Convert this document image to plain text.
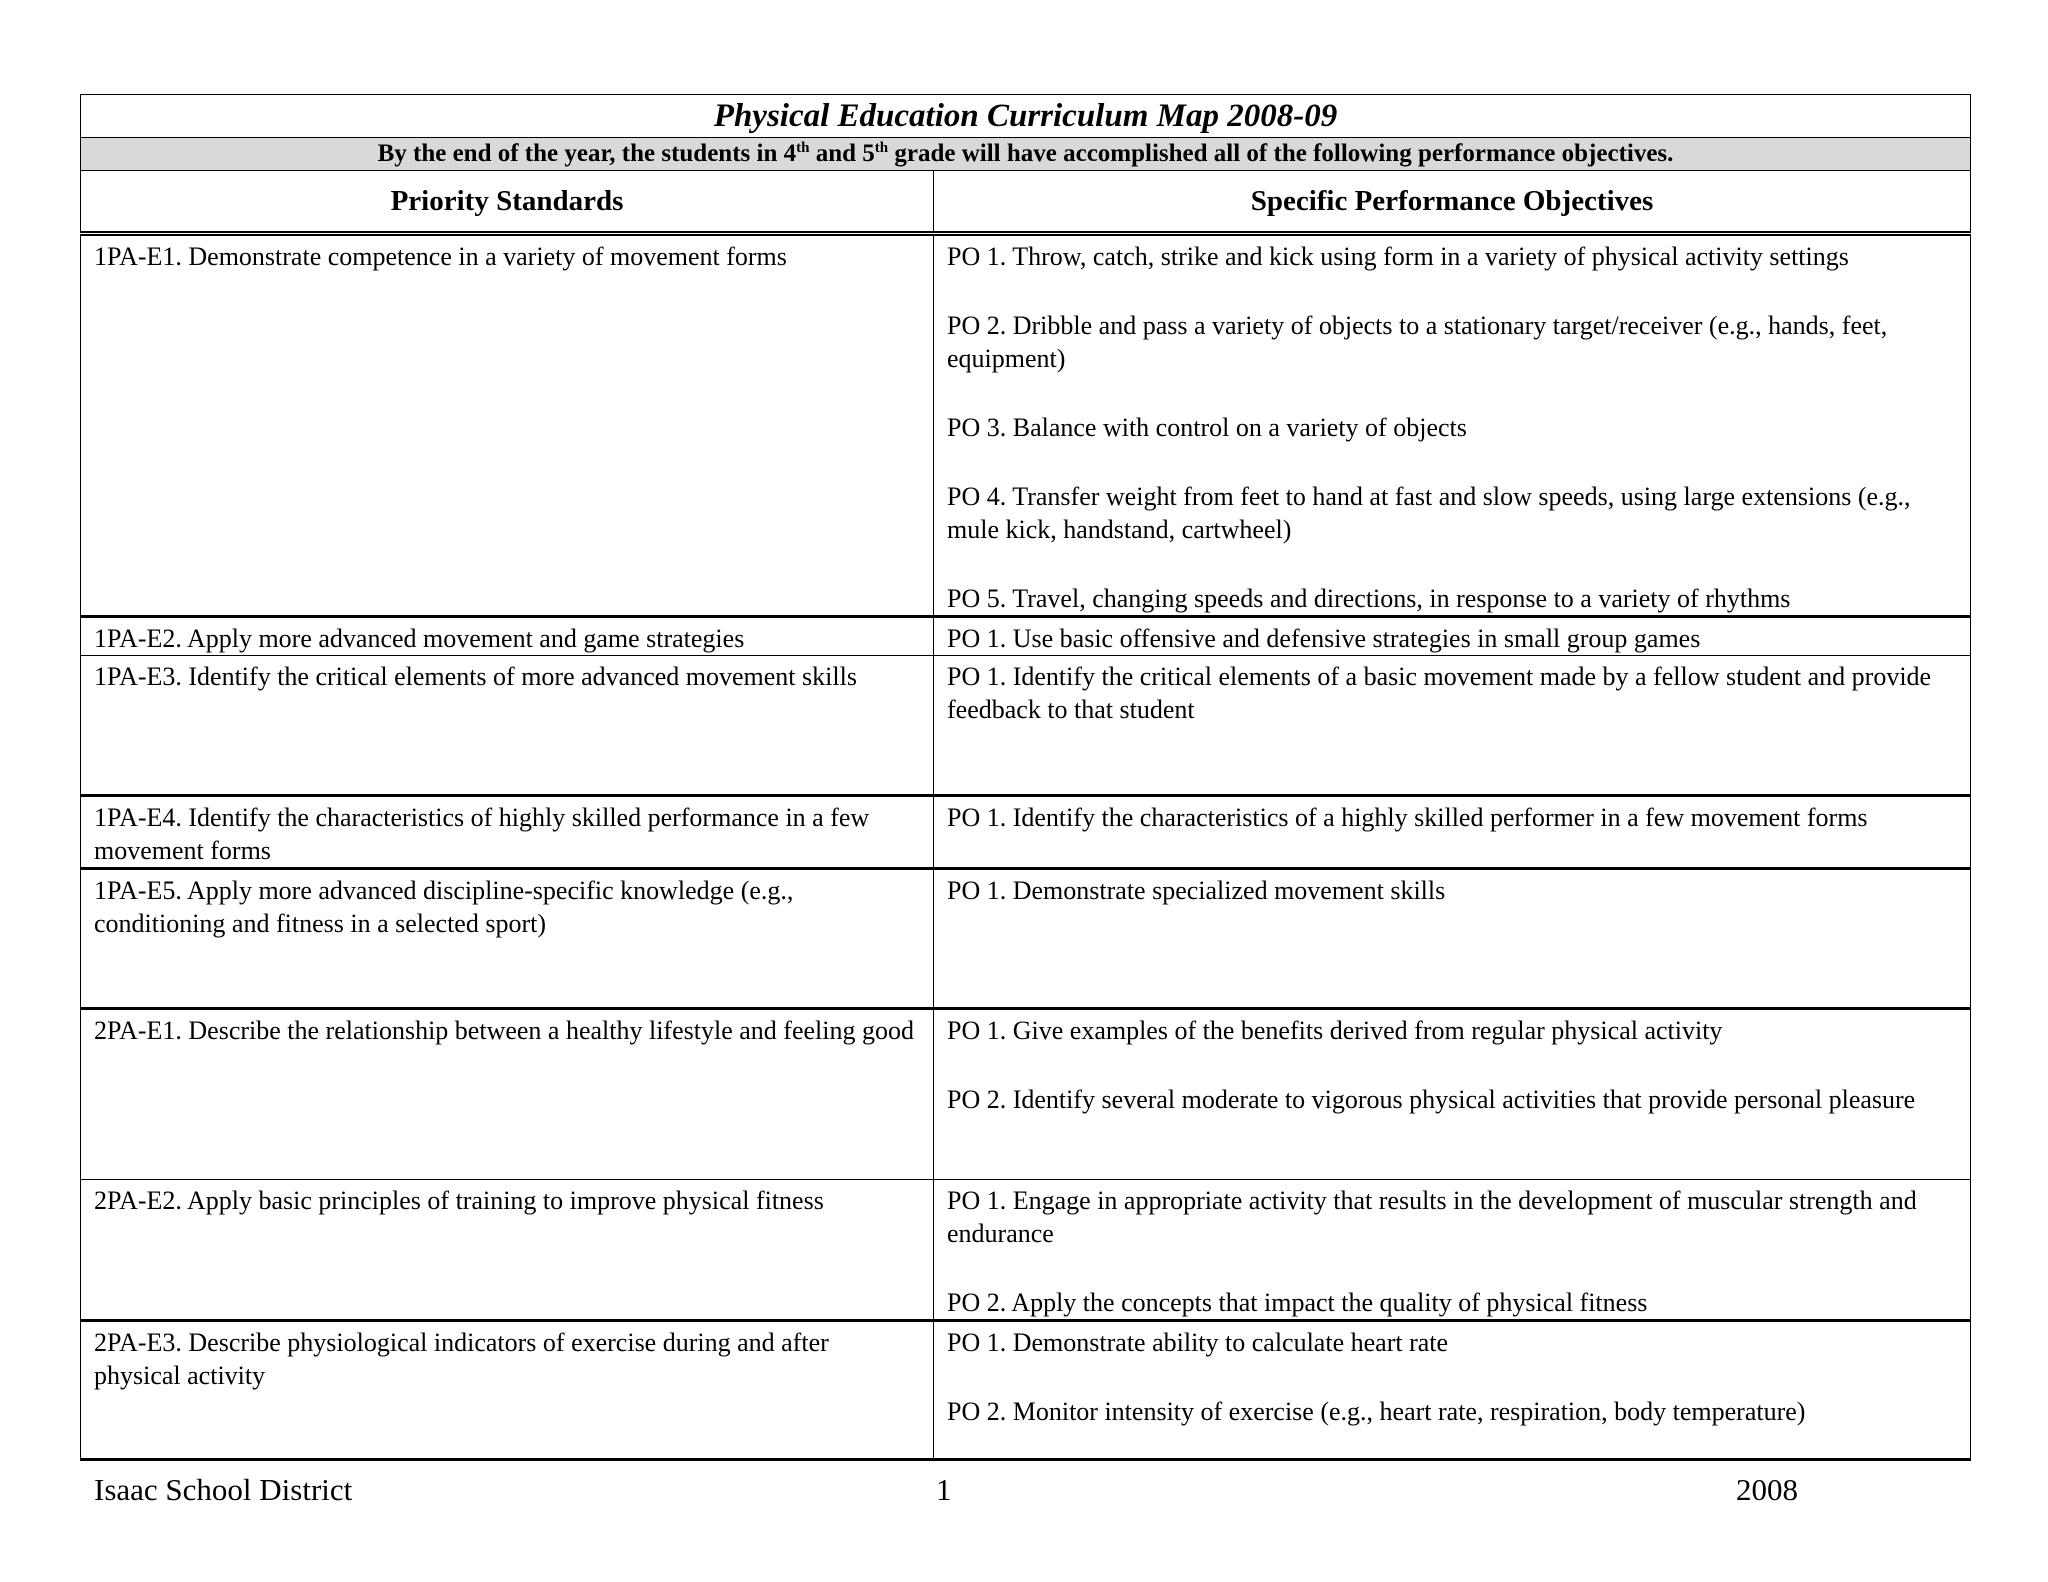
Physical Education Curriculum Map 2008-09	
By the end of the year, the students in 4th and 5th grade will have accomplished all of the following performance objectives.	
Priority Standards	Specific Performance Objectives
1PA-E1. Demonstrate competence in a variety of movement forms	PO 1. Throw, catch, strike and kick using form in a variety of physical activity settings

PO 2. Dribble and pass a variety of objects to a stationary target/receiver (e.g., hands, feet, equipment)

PO 3. Balance with control on a variety of objects

PO 4. Transfer weight from feet to hand at fast and slow speeds, using large extensions (e.g., mule kick, handstand, cartwheel)

PO 5. Travel, changing speeds and directions, in response to a variety of rhythms

1PA-E2. Apply more advanced movement and game strategies	PO 1. Use basic offensive and defensive strategies in small group games

1PA-E3. Identify the critical elements of more advanced movement skills	PO 1. Identify the critical elements of a basic movement made by a fellow student and provide feedback to that student

1PA-E4. Identify the characteristics of highly skilled performance in a few movement forms	PO 1. Identify the characteristics of a highly skilled performer in a few movement forms

1PA-E5. Apply more advanced discipline-specific knowledge (e.g., conditioning and fitness in a selected sport)	PO 1. Demonstrate specialized movement skills

2PA-E1. Describe the relationship between a healthy lifestyle and feeling good	PO 1. Give examples of the benefits derived from regular physical activity

PO 2. Identify several moderate to vigorous physical activities that provide personal pleasure

2PA-E2. Apply basic principles of training to improve physical fitness	PO 1. Engage in appropriate activity that results in the development of muscular strength and endurance

PO 2. Apply the concepts that impact the quality of physical fitness

2PA-E3. Describe physiological indicators of exercise during and after physical activity	PO 1. Demonstrate ability to calculate heart rate

PO 2. Monitor intensity of exercise (e.g., heart rate, respiration, body temperature)

Isaac School District	1	2008
